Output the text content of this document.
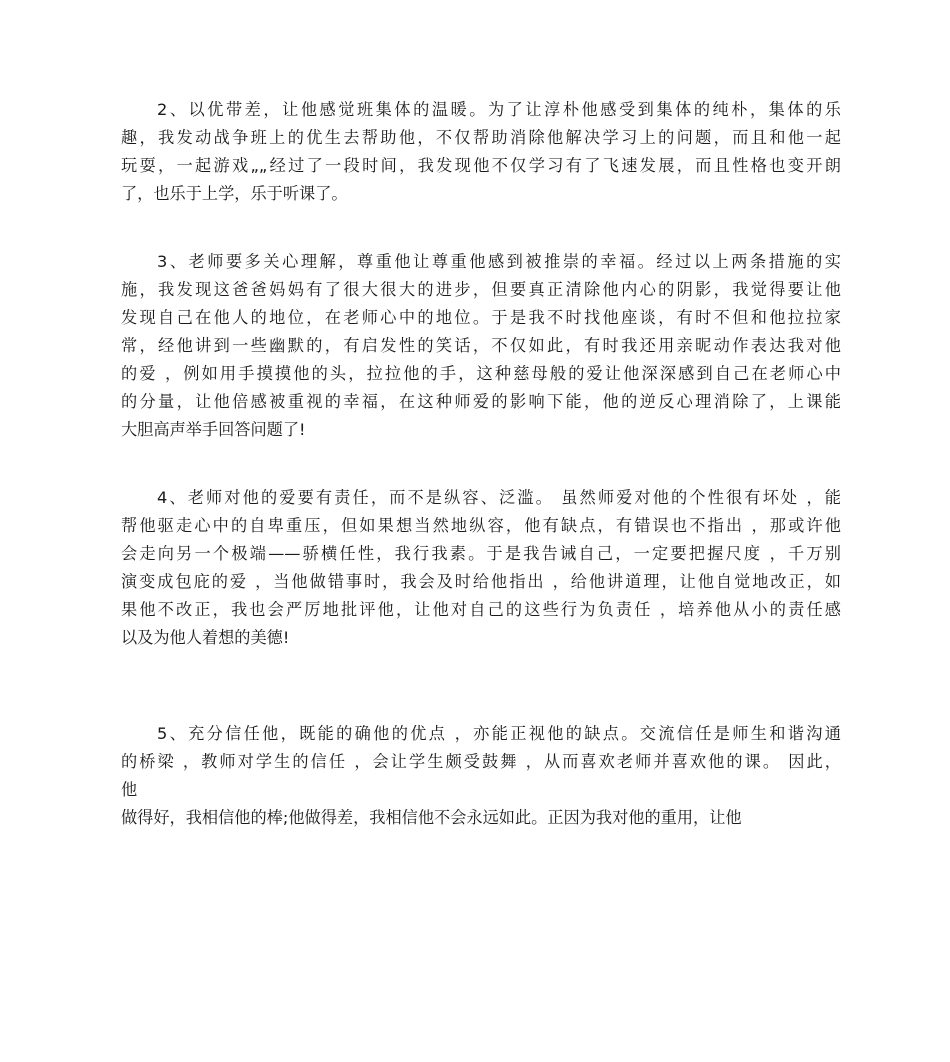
2、以优带差，让他感觉班集体的温暖。为了让淳朴他感受到集体的纯朴，集体的乐
趣，我发动战争班上的优生去帮助他，不仅帮助消除他解决学习上的问题，而且和他一起
玩耍，一起游戏„„经过了一段时间，我发现他不仅学习有了飞速发展，而且性格也变开朗
了，也乐于上学，乐于听课了。
3、老师要多关心理解，尊重他让尊重他感到被推崇的幸福。经过以上两条措施的实
施，我发现这爸爸妈妈有了很大很大的进步，但要真正清除他内心的阴影，我觉得要让他
发现自己在他人的地位，在老师心中的地位。于是我不时找他座谈，有时不但和他拉拉家
常，经他讲到一些幽默的，有启发性的笑话，不仅如此，有时我还用亲昵动作表达我对他
的爱 ，例如用手摸摸他的头，拉拉他的手，这种慈母般的爱让他深深感到自己在老师心中
的分量，让他倍感被重视的幸福，在这种师爱的影响下能，他的逆反心理消除了，上课能
大胆高声举手回答问题了!
4、老师对他的爱要有责任，而不是纵容、泛滥。 虽然师爱对他的个性很有坏处 ，能
帮他驱走心中的自卑重压，但如果想当然地纵容，他有缺点，有错误也不指出 ，那或许他
会走向另一个极端——骄横任性，我行我素。于是我告诫自己，一定要把握尺度 ，千万别
演变成包庇的爱 ，当他做错事时，我会及时给他指出 ，给他讲道理，让他自觉地改正，如
果他不改正，我也会严厉地批评他，让他对自己的这些行为负责任 ，培养他从小的责任感
以及为他人着想的美德!
5、充分信任他，既能的确他的优点 ，亦能正视他的缺点。交流信任是师生和谐沟通
的桥梁 ，教师对学生的信任 ，会让学生颇受鼓舞 ，从而喜欢老师并喜欢他的课。 因此，
他
做得好，我相信他的棒;他做得差，我相信他不会永远如此。正因为我对他的重用，让他
